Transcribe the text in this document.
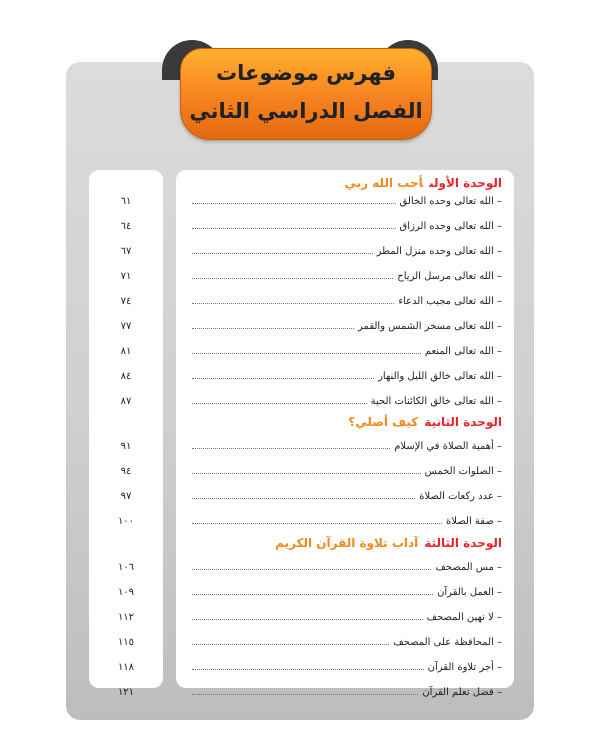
فهرس موضوعات
الفصل الدراسي الثاني
٦١
٦٤
٦٧
٧١
٧٤
٧٧
٨١
٨٤
٨٧
٩١
٩٤
٩٧
١٠٠
١٠٦
١٠٩
١١٢
١١٥
١١٨
١٢١
الوحدة الأولىأحب الله ربي
– الله تعالى وحده الخالق
– الله تعالى وحده الرزاق
– الله تعالى وحده منزل المطر
– الله تعالى مرسل الرياح
– الله تعالى مجيب الدعاء
– الله تعالى مسخر الشمس والقمر
– الله تعالى المنعم
– الله تعالى خالق الليل والنهار
– الله تعالى خالق الكائنات الحية
الوحدة الثانيةكيف أصلي؟
– أهمية الصلاة في الإسلام
– الصلوات الخمس
– عدد ركعات الصلاة
– صفة الصلاة
الوحدة الثالثةآداب تلاوة القرآن الكريم
– مس المصحف
– العمل بالقرآن
– لا نهين المصحف
– المحافظة على المصحف
– أجر تلاوة القرآن
– فضل تعلم القرآن
